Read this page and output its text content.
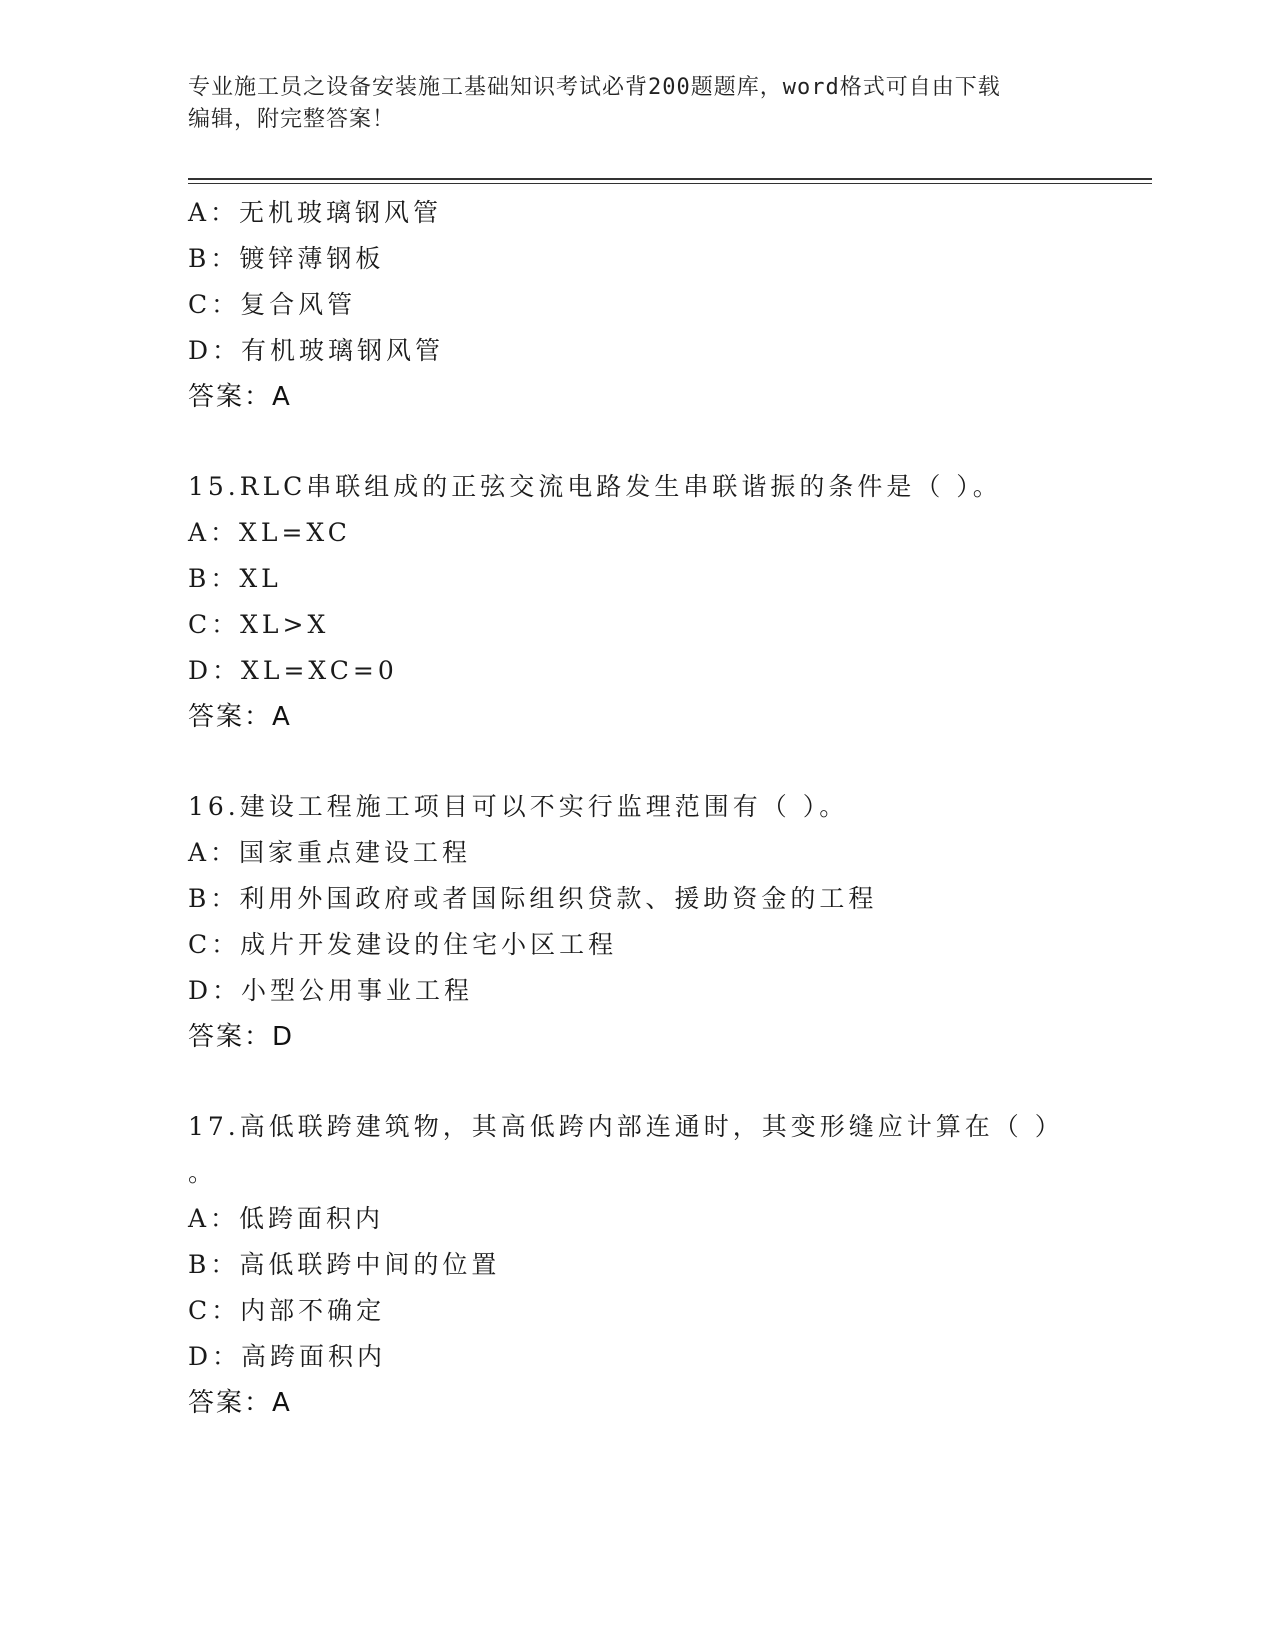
专业施工员之设备安装施工基础知识考试必背200题题库，word格式可自由下载
编辑，附完整答案！
A：无机玻璃钢风管
B：镀锌薄钢板
C：复合风管
D：有机玻璃钢风管
答案：A
15.RLC串联组成的正弦交流电路发生串联谐振的条件是（ ）。
A：XL=XC
B：XL
C：XL>X
D：XL=XC=0
答案：A
16.建设工程施工项目可以不实行监理范围有（ ）。
A：国家重点建设工程
B：利用外国政府或者国际组织贷款、援助资金的工程
C：成片开发建设的住宅小区工程
D：小型公用事业工程
答案：D
17.高低联跨建筑物，其高低跨内部连通时，其变形缝应计算在（ ）
。
A：低跨面积内
B：高低联跨中间的位置
C：内部不确定
D：高跨面积内
答案：A
